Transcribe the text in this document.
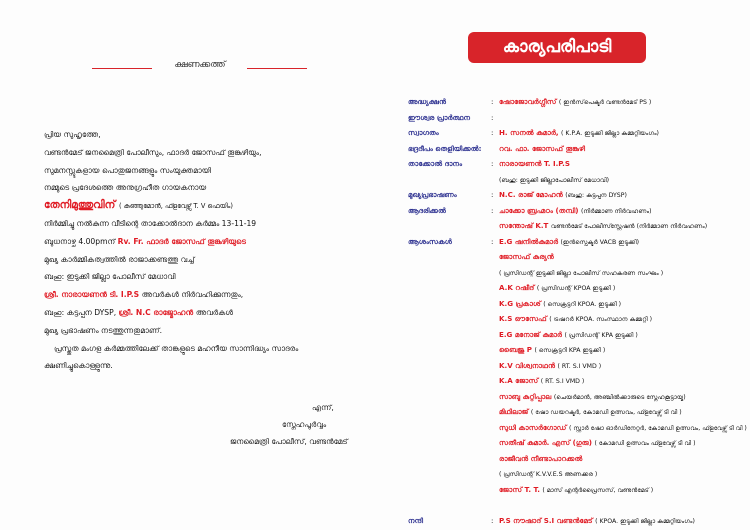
ക്ഷണക്കത്ത്
പ്രിയ സുഹൃത്തേ,
വണ്ടൻമേട് ജനമൈത്രി പോലീസും, ഫാദർ ജോസഫ് തൂങ്കുഴിയും,
സുമനസ്സുകളായ പൊതുജനങ്ങളും സംയുക്തമായി
നമ്മുടെ പ്രദേശത്തെ അനുഗ്രഹീത ഗായകനായ
തേനിമുത്തുവിന് ( കുഞ്ഞുമോൻ, ഫ്ളവേഴ്സ് T. V ഫെയിം)
നിർമ്മിച്ചു നൽകുന്ന വീടിന്റെ താക്കോൽദാന കർമ്മം 13-11-19
ബുധനാഴ്ച 4.00pmന് Rv. Fr. ഫാദർ ജോസഫ് തൂങ്കുഴിയുടെ
മുഖ്യ കാർമ്മികത്വത്തിൽ രാജാക്കണ്ടത്തു വച്ച്
ബഹു: ഇടുക്കി ജില്ലാ പോലീസ് മേധാവി
ശ്രീ. നാരായണൻ ടി. I.P.S അവർകൾ നിർവഹിക്കുന്നതും,
ബഹു: കട്ടപ്പന DYSP, ശ്രീ. N.C രാജ്മോഹൻ അവർകൾ
മുഖ്യ പ്രഭാഷണം നടത്തുന്നതുമാണ്.
പ്രസ്തുത മംഗള കർമ്മത്തിലേക്ക് താങ്കളുടെ മഹനീയ സാന്നിദ്ധ്യം സാദരം
ക്ഷണിച്ചുകൊള്ളുന്നു.
എന്ന്,
സ്നേഹപൂർവ്വം
ജനമൈത്രി പോലീസ്, വണ്ടൻമേട്
കാര്യപരിപാടി
അദ്ധ്യക്ഷൻ	: ഷോജോവർഗ്ഗീസ് ( ഇൻസ്‌പെക്ടർ വണ്ടൻമേട് PS )
ഈശ്വര പ്രാർത്ഥന	:
സ്വാഗതം	: H. സനൽ കുമാർ, ( K.P.A. ഇടുക്കി ജില്ലാ കമ്മറ്റിയംഗം)
ഭദ്രദീപം തെളിയിക്കൽ:	റവ. ഫാ. ജോസഫ് തൂങ്കുഴി
താക്കോൽ ദാനം	: നാരായണൻ T. I.P.S
(ബഹു: ഇടുക്കി ജില്ലാപോലീസ് മേധാവി)
മുഖ്യപ്രഭാഷണം	: N.C. രാജ് മോഹൻ (ബഹു: കട്ടപ്പന DYSP)
ആദരിക്കൽ	: ചാക്കോ ബ്രഹ്മഠം (തമ്പി) (നിർമ്മാണ നിർവഹണം)
സന്തോഷ് K.T വണ്ടൻമേട് പോലീസ്സ്റ്റേഷൻ (നിർമ്മാണ നിർവഹണം)
ആശംസകൾ	: E.G ഷനിൽകുമാർ (ഇൻസ്പെക്ടർ VACB ഇടുക്കി)
ജോസഫ് കുര്യൻ
( പ്രസിഡന്റ് ഇടുക്കി ജില്ലാ പോലീസ് സഹകരണ സംഘം )
A.K റഷീദ് ( പ്രസിഡന്റ് KPOA ഇടുക്കി )
K.G പ്രകാശ് ( സെക്രട്ടറി KPOA. ഇടുക്കി )
K.S ഔസേഫ് ( ട്രഷറർ KPOA. സംസ്ഥാന കമ്മറ്റി )
E.G മനോജ് കുമാർ ( പ്രസിഡന്റ് KPA ഇടുക്കി )
ബൈജു P ( സെക്രട്ടറി KPA ഇടുക്കി )
K.V വിശ്വനാഥൻ ( RT. S.I VMD )
K.A ജോസ് ( RT. S.I VMD )
സാബു കുറ്റിപ്പാല (ചെയർമാൻ, അഞ്ചിൽക്കാരുടെ സ്നേഹകൂട്ടായ്മ)
മിഥിലാജ് ( ഷോ ഡയറക്ടർ, കോമഡി ഉത്സവം, ഫ്ളവേഴ്സ് ടി വി )
സുധി കാസർഗോഡ് ( സ്റ്റാർ ഷോ ഓർഡിനേറ്റർ, കോമഡി ഉത്സവം, ഫ്ളവേഴ്സ് ടി വി )
സതീഷ് കുമാർ. എസ് (ഗുരു) ( കോമഡി ഉത്സവം ഫ്ളവേഴ്സ് ടി വി )
രാജീവൻ നീണ്ടാപാറക്കൽ
( പ്രസിഡന്റ് K.V.V.E.S അണക്കര )
ജോസ് T. T. ( മാസ് എന്റർപ്രൈസസ്, വണ്ടൻമേട് )
നന്ദി	: P.S നൗഷാദ് S.I വണ്ടൻമേട് ( KPOA. ഇടുക്കി ജില്ലാ കമ്മറ്റിയംഗം)
